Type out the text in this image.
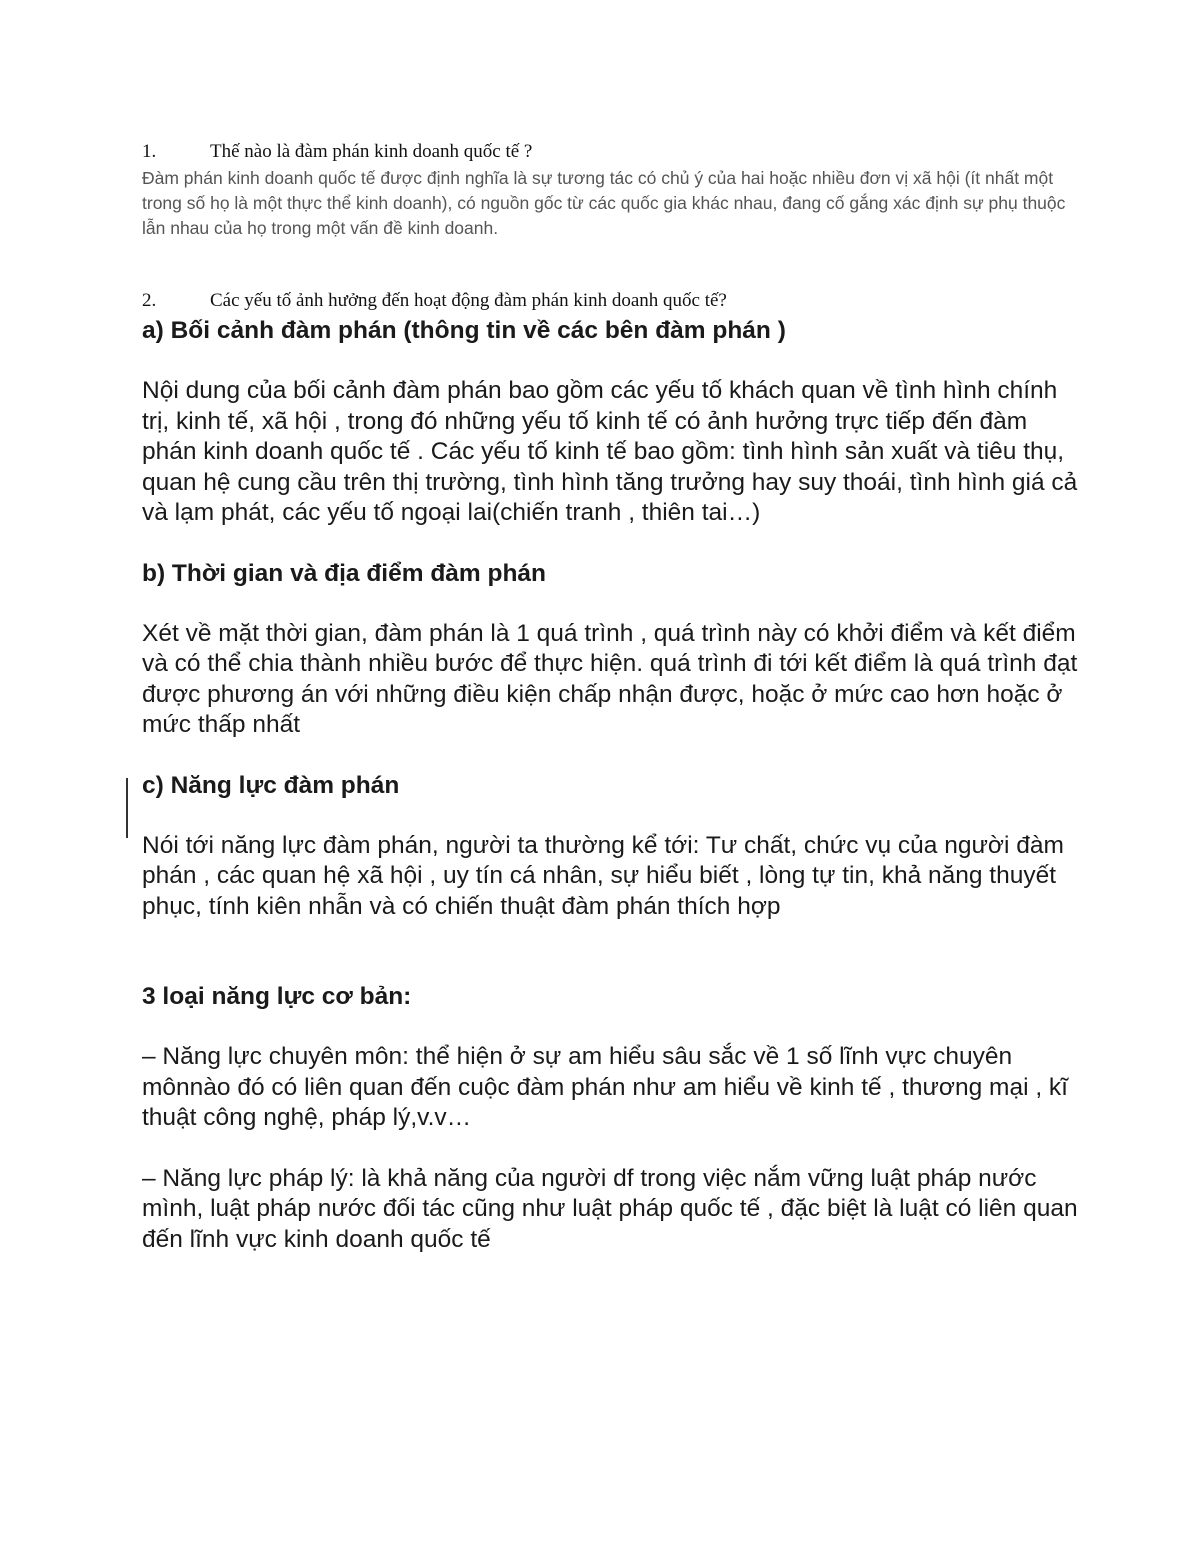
1.	Thế nào là đàm phán kinh doanh quốc tế ?

Đàm phán kinh doanh quốc tế được định nghĩa là sự tương tác có chủ ý của hai hoặc nhiều đơn vị xã hội (ít nhất một trong số họ là một thực thể kinh doanh), có nguồn gốc từ các quốc gia khác nhau, đang cố gắng xác định sự phụ thuộc lẫn nhau của họ trong một vấn đề kinh doanh.

2.	Các yếu tố ảnh hưởng đến hoạt động đàm phán kinh doanh quốc tế?
a) Bối cảnh đàm phán (thông tin về các bên đàm phán )

Nội dung của bối cảnh đàm phán bao gồm các yếu tố khách quan về tình hình chính trị, kinh tế, xã hội , trong đó những yếu tố kinh tế có ảnh hưởng trực tiếp đến đàm phán kinh doanh quốc tế . Các yếu tố kinh tế bao gồm: tình hình sản xuất và tiêu thụ, quan hệ cung cầu trên thị trường, tình hình tăng trưởng hay suy thoái, tình hình giá cả và lạm phát, các yếu tố ngoại lai(chiến tranh , thiên tai…)

b) Thời gian và địa điểm đàm phán

Xét về mặt thời gian, đàm phán là 1 quá trình , quá trình này có khởi điểm và kết điểm và có thể chia thành nhiều bước để thực hiện. quá trình đi tới kết điểm là quá trình đạt được phương án với những điều kiện chấp nhận được, hoặc ở mức cao hơn hoặc ở mức thấp nhất

c) Năng lực đàm phán

Nói tới năng lực đàm phán, người ta thường kể tới: Tư chất, chức vụ của người đàm phán , các quan hệ xã hội , uy tín cá nhân, sự hiểu biết , lòng tự tin, khả năng thuyết phục, tính kiên nhẫn và có chiến thuật đàm phán thích hợp

3 loại năng lực cơ bản:

– Năng lực chuyên môn: thể hiện ở sự am hiểu sâu sắc về 1 số lĩnh vực chuyên mônnào đó có liên quan đến cuộc đàm phán như am hiểu về kinh tế , thương mại , kĩ thuật công nghệ, pháp lý,v.v…

– Năng lực pháp lý: là khả năng của người df trong việc nắm vững luật pháp nước mình, luật pháp nước đối tác cũng như luật pháp quốc tế , đặc biệt là luật có liên quan đến lĩnh vực kinh doanh quốc tế
